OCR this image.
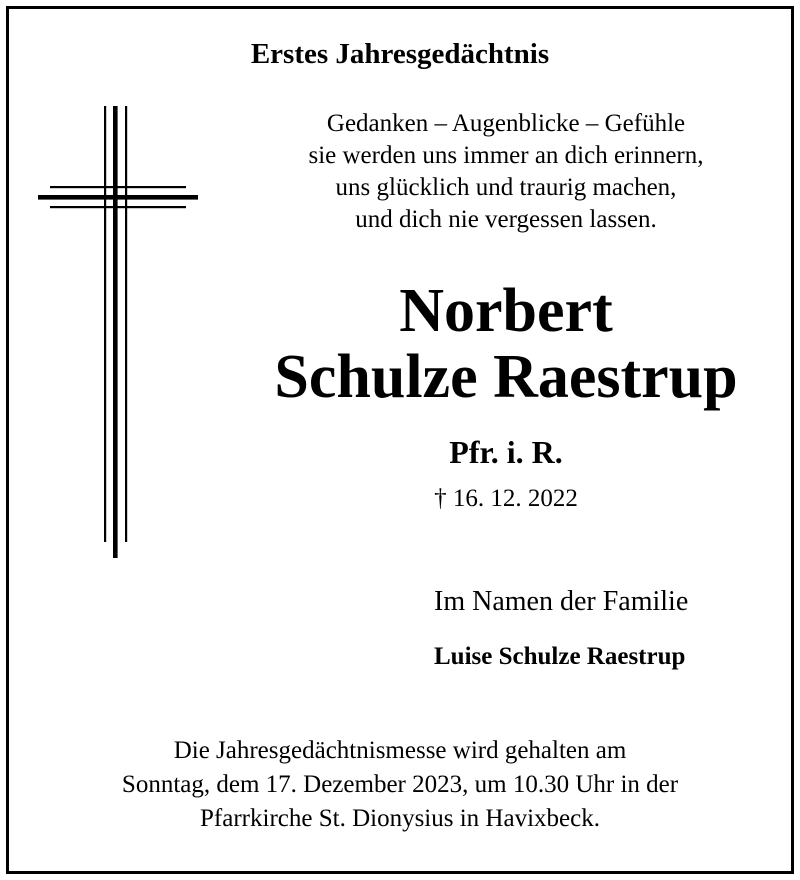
Erstes Jahresgedächtnis
Gedanken – Augenblicke – Gefühle
sie werden uns immer an dich erinnern,
uns glücklich und traurig machen,
und dich nie vergessen lassen.
Norbert
Schulze Raestrup
Pfr. i. R.
† 16. 12. 2022
Im Namen der Familie
Luise Schulze Raestrup
Die Jahresgedächtnismesse wird gehalten am
Sonntag, dem 17. Dezember 2023, um 10.30 Uhr in der
Pfarrkirche St. Dionysius in Havixbeck.
